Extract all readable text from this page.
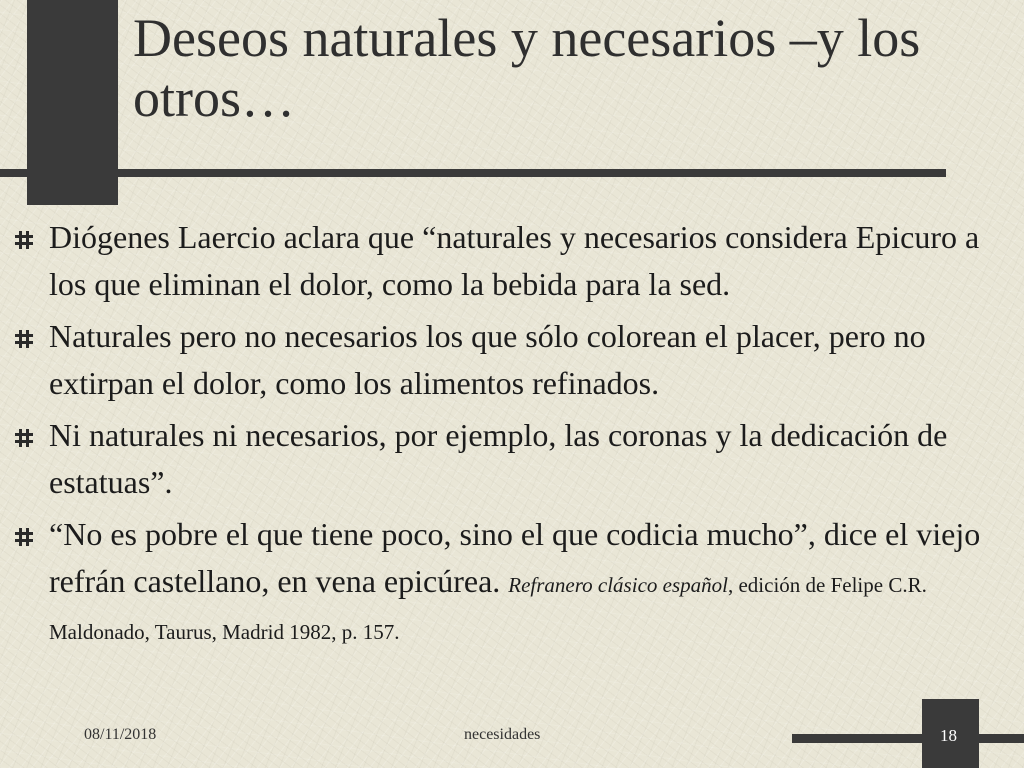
Deseos naturales y necesarios –y los otros…
Diógenes Laercio aclara que “naturales y necesarios considera Epicuro a los que eliminan el dolor, como la bebida para la sed.
Naturales pero no necesarios los que sólo colorean el placer, pero no extirpan el dolor, como los alimentos refinados.
Ni naturales ni necesarios, por ejemplo, las coronas y la dedicación de estatuas”.
“No es pobre el que tiene poco, sino el que codicia mucho”, dice el viejo refrán castellano, en vena epicúrea. Refranero clásico español, edición de Felipe C.R. Maldonado, Taurus, Madrid 1982, p. 157.
08/11/2018	necesidades	18
